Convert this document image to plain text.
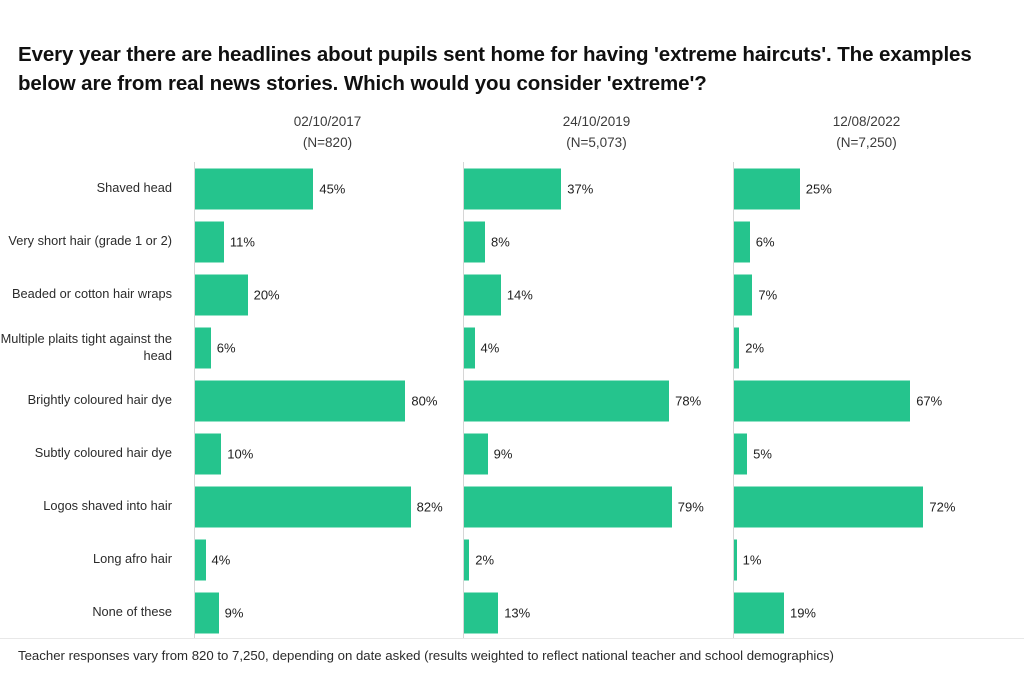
Every year there are headlines about pupils sent home for having 'extreme haircuts'. The examples below are from real news stories. Which would you consider 'extreme'?
02/10/2017
(N=820)
24/10/2019
(N=5,073)
12/08/2022
(N=7,250)
Shaved head	45%	37%	25%
Very short hair (grade 1 or 2)	11%	8%	6%
Beaded or cotton hair wraps	20%	14%	7%
Multiple plaits tight against the head	6%	4%	2%
Brightly coloured hair dye	80%	78%	67%
Subtly coloured hair dye	10%	9%	5%
Logos shaved into hair	82%	79%	72%
Long afro hair	4%	2%	1%
None of these	9%	13%	19%
Teacher responses vary from 820 to 7,250, depending on date asked (results weighted to reflect national teacher and school demographics)
